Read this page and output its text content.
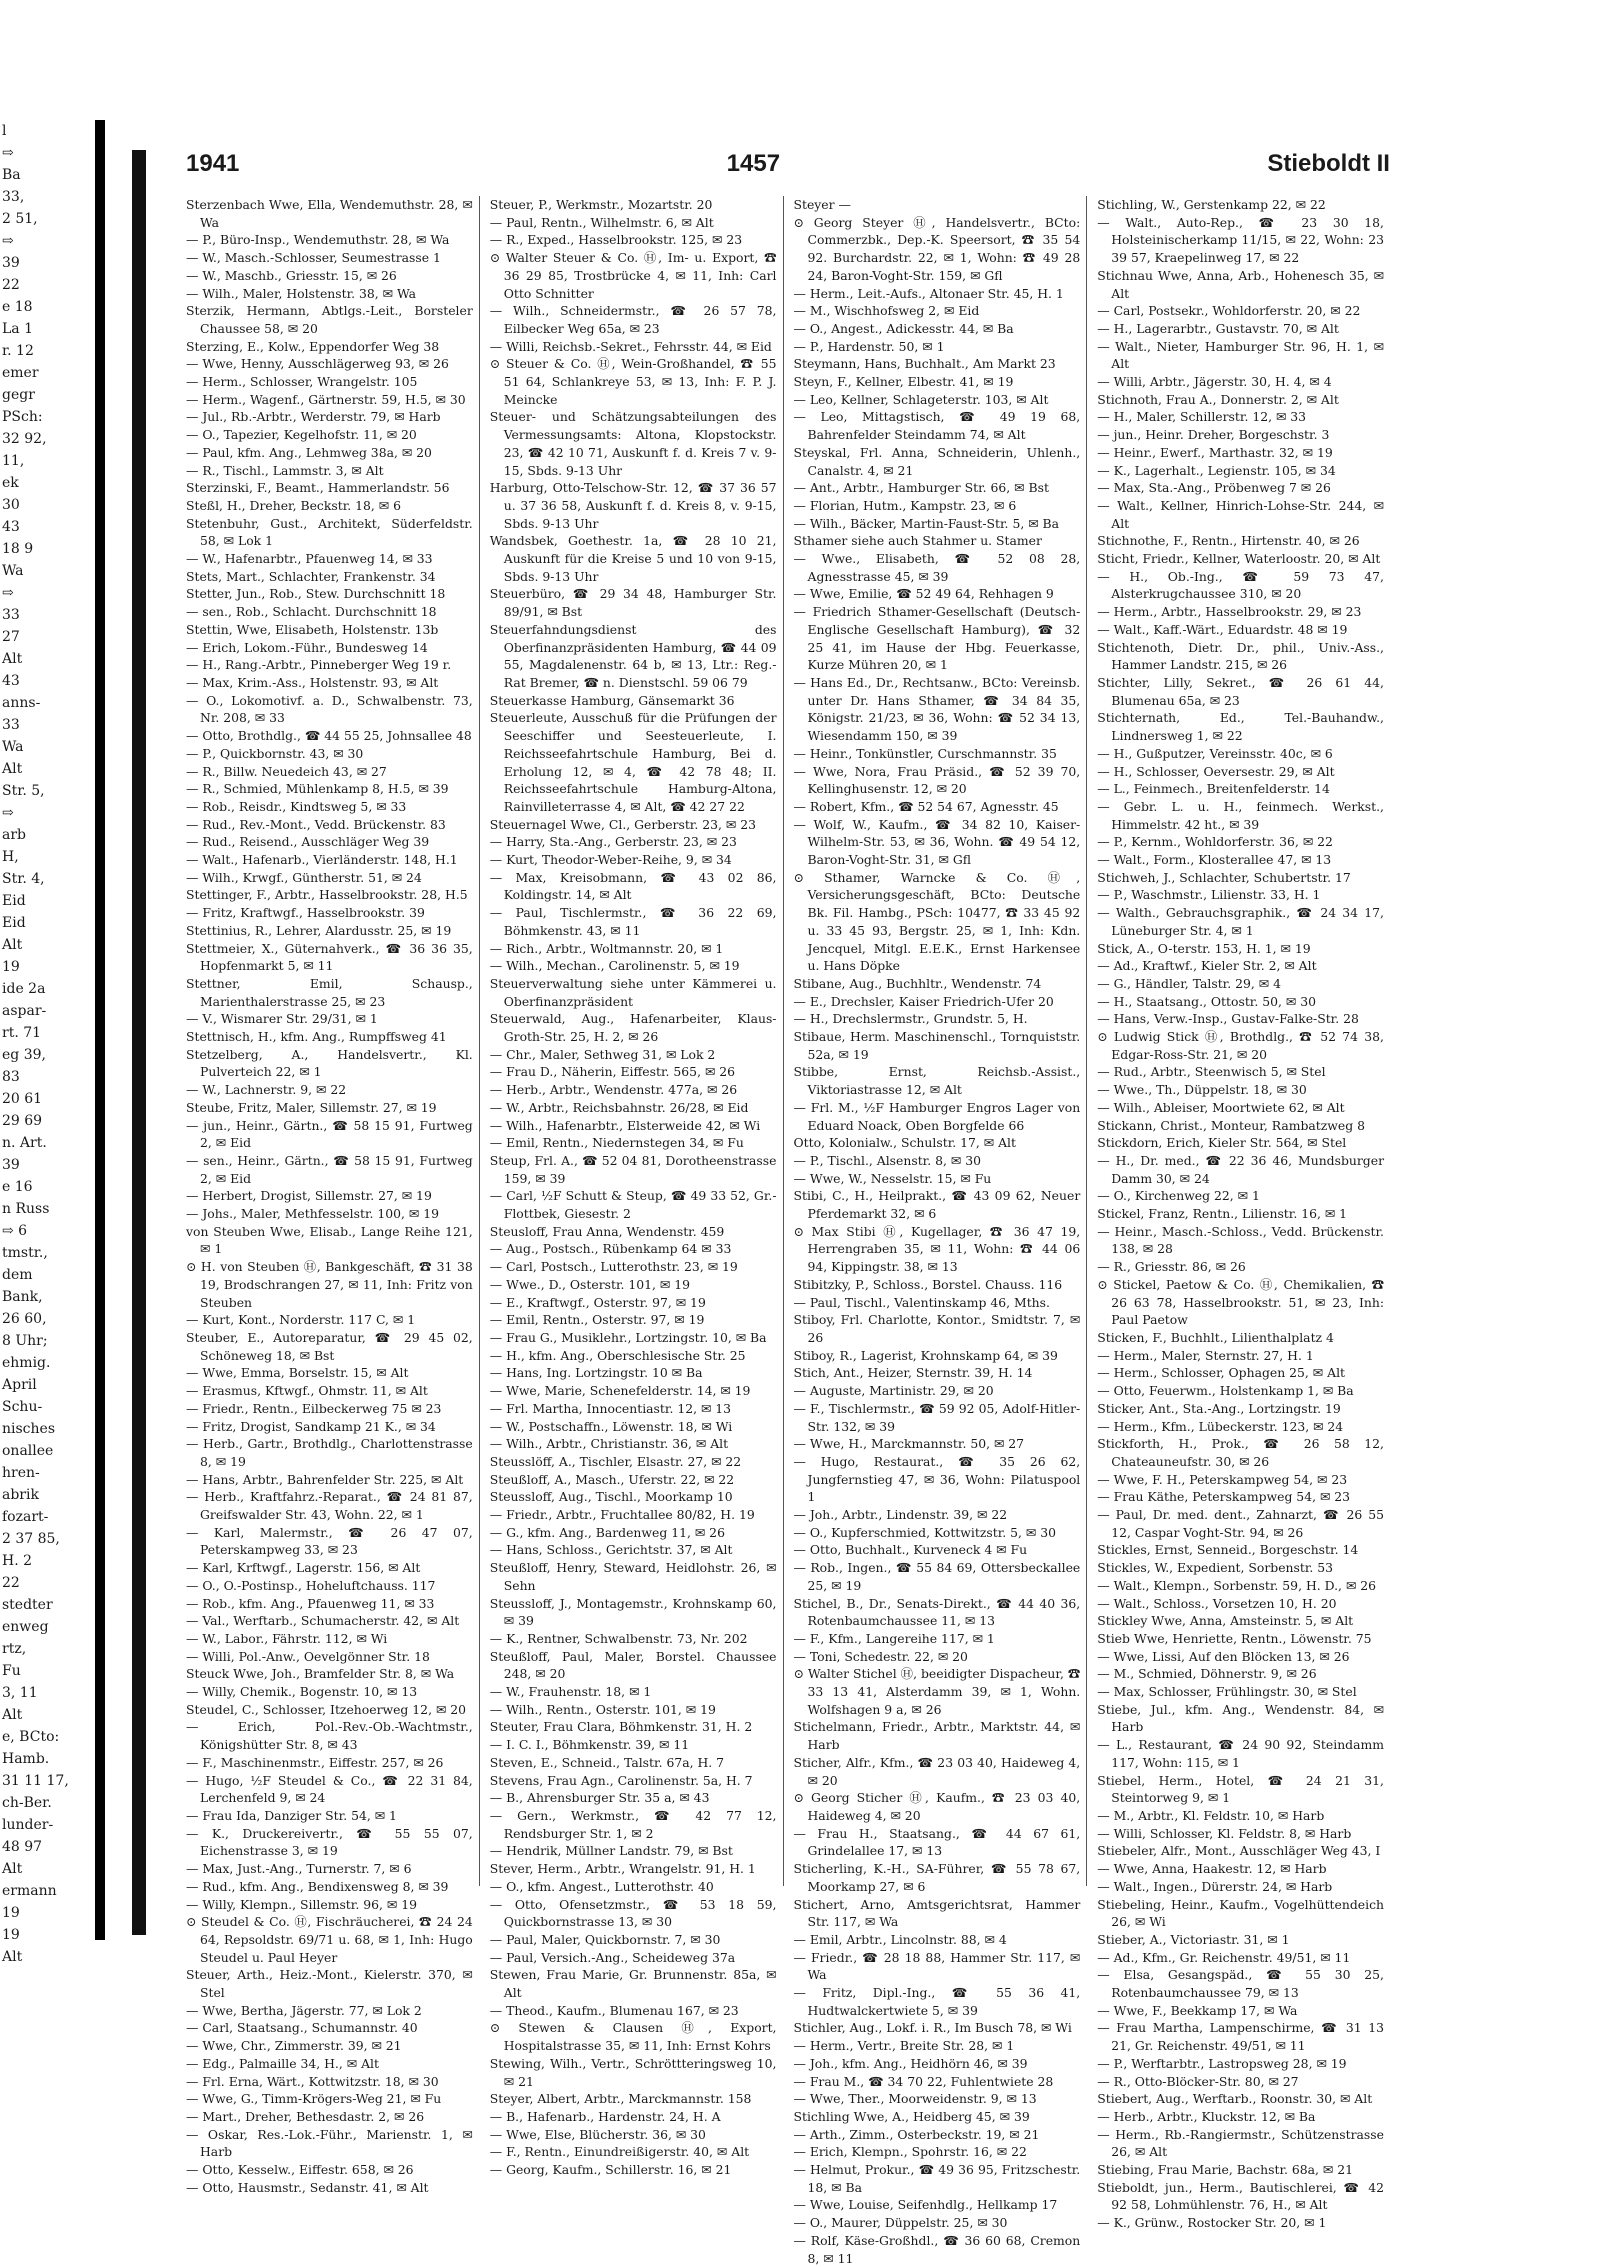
l
⇨
Ba
33,
2 51,
⇨
39
22
e 18
La 1
r. 12
emer
gegr
PSch:
32 92,
11,
ek
30
43
18 9
Wa
⇨
33
27
Alt
43
anns-
33
Wa
Alt
Str. 5,
⇨
arb
H,
Str. 4,
Eid
Eid
Alt
19
ide 2a
aspar-
rt. 71
eg 39,
83
20 61
29 69
n. Art.
39
e 16
n Russ
⇨ 6
tmstr.,
dem
Bank,
26 60,
8 Uhr;
ehmig.
April
Schu-
nisches
onallee
hren-
abrik
fozart-
2 37 85,
H. 2
22
stedter
enweg
rtz,
Fu
3, 11
Alt
e, BCto:
Hamb.
31 11 17,
ch-Ber.
lunder-
48 97
Alt
ermann
19
19
Alt
1941	1457	Stieboldt II
Sterzenbach Wwe, Ella, Wendemuthstr. 28, ✉ Wa
— P., Büro-Insp., Wendemuthstr. 28, ✉ Wa
— W., Masch.-Schlosser, Seumestrasse 1
— W., Maschb., Griesstr. 15, ✉ 26
— Wilh., Maler, Holstenstr. 38, ✉ Wa
Sterzik, Hermann, Abtlgs.-Leit., Borsteler Chaussee 58, ✉ 20
Sterzing, E., Kolw., Eppendorfer Weg 38
— Wwe, Henny, Ausschlägerweg 93, ✉ 26
— Herm., Schlosser, Wrangelstr. 105
— Herm., Wagenf., Gärtnerstr. 59, H.5, ✉ 30
— Jul., Rb.-Arbtr., Werderstr. 79, ✉ Harb
— O., Tapezier, Kegelhofstr. 11, ✉ 20
— Paul, kfm. Ang., Lehmweg 38a, ✉ 20
— R., Tischl., Lammstr. 3, ✉ Alt
Sterzinski, F., Beamt., Hammerlandstr. 56
Steßl, H., Dreher, Beckstr. 18, ✉ 6
Stetenbuhr, Gust., Architekt, Süderfeldstr. 58, ✉ Lok 1
— W., Hafenarbtr., Pfauenweg 14, ✉ 33
Stets, Mart., Schlachter, Frankenstr. 34
Stetter, Jun., Rob., Stew. Durchschnitt 18
— sen., Rob., Schlacht. Durchschnitt 18
Stettin, Wwe, Elisabeth, Holstenstr. 13b
— Erich, Lokom.-Führ., Bundesweg 14
— H., Rang.-Arbtr., Pinneberger Weg 19 r.
— Max, Krim.-Ass., Holstenstr. 93, ✉ Alt
— O., Lokomotivf. a. D., Schwalbenstr. 73, Nr. 208, ✉ 33
— Otto, Brothdlg., ☎ 44 55 25, Johnsallee 48
— P., Quickbornstr. 43, ✉ 30
— R., Billw. Neuedeich 43, ✉ 27
— R., Schmied, Mühlenkamp 8, H.5, ✉ 39
— Rob., Reisdr., Kindtsweg 5, ✉ 33
— Rud., Rev.-Mont., Vedd. Brückenstr. 83
— Rud., Reisend., Ausschläger Weg 39
— Walt., Hafenarb., Vierländerstr. 148, H.1
— Wilh., Krwgf., Güntherstr. 51, ✉ 24
Stettinger, F., Arbtr., Hasselbrookstr. 28, H.5
— Fritz, Kraftwgf., Hasselbrookstr. 39
Stettinius, R., Lehrer, Alardusstr. 25, ✉ 19
Stettmeier, X., Güternahverk., ☎ 36 36 35, Hopfenmarkt 5, ✉ 11
Stettner, Emil, Schausp., Marienthalerstrasse 25, ✉ 23
— V., Wismarer Str. 29/31, ✉ 1
Stettnisch, H., kfm. Ang., Rumpffsweg 41
Stetzelberg, A., Handelsvertr., Kl. Pulverteich 22, ✉ 1
— W., Lachnerstr. 9, ✉ 22
Steube, Fritz, Maler, Sillemstr. 27, ✉ 19
— jun., Heinr., Gärtn., ☎ 58 15 91, Furtweg 2, ✉ Eid
— sen., Heinr., Gärtn., ☎ 58 15 91, Furtweg 2, ✉ Eid
— Herbert, Drogist, Sillemstr. 27, ✉ 19
— Johs., Maler, Methfesselstr. 100, ✉ 19
von Steuben Wwe, Elisab., Lange Reihe 121, ✉ 1
⊙ H. von Steuben Ⓗ, Bankgeschäft, ☎ 31 38 19, Brodschrangen 27, ✉ 11, Inh: Fritz von Steuben
— Kurt, Kont., Norderstr. 117 C, ✉ 1
Steuber, E., Autoreparatur, ☎ 29 45 02, Schöneweg 18, ✉ Bst
— Wwe, Emma, Borselstr. 15, ✉ Alt
— Erasmus, Kftwgf., Ohmstr. 11, ✉ Alt
— Friedr., Rentn., Eilbeckerweg 75 ✉ 23
— Fritz, Drogist, Sandkamp 21 K., ✉ 34
— Herb., Gartr., Brothdlg., Charlottenstrasse 8, ✉ 19
— Hans, Arbtr., Bahrenfelder Str. 225, ✉ Alt
— Herb., Kraftfahrz.-Reparat., ☎ 24 81 87, Greifswalder Str. 43, Wohn. 22, ✉ 1
— Karl, Malermstr., ☎ 26 47 07, Peterskampweg 33, ✉ 23
— Karl, Krftwgf., Lagerstr. 156, ✉ Alt
— O., O.-Postinsp., Hoheluftchauss. 117
— Rob., kfm. Ang., Pfauenweg 11, ✉ 33
— Val., Werftarb., Schumacherstr. 42, ✉ Alt
— W., Labor., Fährstr. 112, ✉ Wi
— Willi, Pol.-Anw., Oevelgönner Str. 18
Steuck Wwe, Joh., Bramfelder Str. 8, ✉ Wa
— Willy, Chemik., Bogenstr. 10, ✉ 13
Steudel, C., Schlosser, Itzehoerweg 12, ✉ 20
— Erich, Pol.-Rev.-Ob.-Wachtmstr., Königshütter Str. 8, ✉ 43
— F., Maschinenmstr., Eiffestr. 257, ✉ 26
— Hugo, ½F Steudel & Co., ☎ 22 31 84, Lerchenfeld 9, ✉ 24
— Frau Ida, Danziger Str. 54, ✉ 1
— K., Druckereivertr., ☎ 55 55 07, Eichenstrasse 3, ✉ 19
— Max, Just.-Ang., Turnerstr. 7, ✉ 6
— Rud., kfm. Ang., Bendixensweg 8, ✉ 39
— Willy, Klempn., Sillemstr. 96, ✉ 19
⊙ Steudel & Co. Ⓗ, Fischräucherei, ☎ 24 24 64, Repsoldstr. 69/71 u. 68, ✉ 1, Inh: Hugo Steudel u. Paul Heyer
Steuer, Arth., Heiz.-Mont., Kielerstr. 370, ✉ Stel
— Wwe, Bertha, Jägerstr. 77, ✉ Lok 2
— Carl, Staatsang., Schumannstr. 40
— Wwe, Chr., Zimmerstr. 39, ✉ 21
— Edg., Palmaille 34, H., ✉ Alt
— Frl. Erna, Wärt., Kottwitzstr. 18, ✉ 30
— Wwe, G., Timm-Krögers-Weg 21, ✉ Fu
— Mart., Dreher, Bethesdastr. 2, ✉ 26
— Oskar, Res.-Lok.-Führ., Marienstr. 1, ✉ Harb
— Otto, Kesselw., Eiffestr. 658, ✉ 26
— Otto, Hausmstr., Sedanstr. 41, ✉ Alt
Steuer, P., Werkmstr., Mozartstr. 20
— Paul, Rentn., Wilhelmstr. 6, ✉ Alt
— R., Exped., Hasselbrookstr. 125, ✉ 23
⊙ Walter Steuer & Co. Ⓗ, Im- u. Export, ☎ 36 29 85, Trostbrücke 4, ✉ 11, Inh: Carl Otto Schnitter
— Wilh., Schneidermstr., ☎ 26 57 78, Eilbecker Weg 65a, ✉ 23
— Willi, Reichsb.-Sekret., Fehrsstr. 44, ✉ Eid
⊙ Steuer & Co. Ⓗ, Wein-Großhandel, ☎ 55 51 64, Schlankreye 53, ✉ 13, Inh: F. P. J. Meincke
Steuer- und Schätzungsabteilungen des Vermessungsamts: Altona, Klopstockstr. 23, ☎ 42 10 71, Auskunft f. d. Kreis 7 v. 9-15, Sbds. 9-13 Uhr
Harburg, Otto-Telschow-Str. 12, ☎ 37 36 57 u. 37 36 58, Auskunft f. d. Kreis 8, v. 9-15, Sbds. 9-13 Uhr
Wandsbek, Goethestr. 1a, ☎ 28 10 21, Auskunft für die Kreise 5 und 10 von 9-15, Sbds. 9-13 Uhr
Steuerbüro, ☎ 29 34 48, Hamburger Str. 89/91, ✉ Bst
Steuerfahndungsdienst des Oberfinanzpräsidenten Hamburg, ☎ 44 09 55, Magdalenenstr. 64 b, ✉ 13, Ltr.: Reg.-Rat Bremer, ☎ n. Dienstschl. 59 06 79
Steuerkasse Hamburg, Gänsemarkt 36
Steuerleute, Ausschuß für die Prüfungen der Seeschiffer und Seesteuerleute, I. Reichsseefahrtschule Hamburg, Bei d. Erholung 12, ✉ 4, ☎ 42 78 48; II. Reichsseefahrtschule Hamburg-Altona, Rainvilleterrasse 4, ✉ Alt, ☎ 42 27 22
Steuernagel Wwe, Cl., Gerberstr. 23, ✉ 23
— Harry, Sta.-Ang., Gerberstr. 23, ✉ 23
— Kurt, Theodor-Weber-Reihe, 9, ✉ 34
— Max, Kreisobmann, ☎ 43 02 86, Koldingstr. 14, ✉ Alt
— Paul, Tischlermstr., ☎ 36 22 69, Böhmkenstr. 43, ✉ 11
— Rich., Arbtr., Woltmannstr. 20, ✉ 1
— Wilh., Mechan., Carolinenstr. 5, ✉ 19
Steuerverwaltung siehe unter Kämmerei u. Oberfinanzpräsident
Steuerwald, Aug., Hafenarbeiter, Klaus-Groth-Str. 25, H. 2, ✉ 26
— Chr., Maler, Sethweg 31, ✉ Lok 2
— Frau D., Näherin, Eiffestr. 565, ✉ 26
— Herb., Arbtr., Wendenstr. 477a, ✉ 26
— W., Arbtr., Reichsbahnstr. 26/28, ✉ Eid
— Wilh., Hafenarbtr., Elsterweide 42, ✉ Wi
— Emil, Rentn., Niedernstegen 34, ✉ Fu
Steup, Frl. A., ☎ 52 04 81, Dorotheenstrasse 159, ✉ 39
— Carl, ½F Schutt & Steup, ☎ 49 33 52, Gr.-Flottbek, Giesestr. 2
Steusloff, Frau Anna, Wendenstr. 459
— Aug., Postsch., Rübenkamp 64 ✉ 33
— Carl, Postsch., Lutterothstr. 23, ✉ 19
— Wwe., D., Osterstr. 101, ✉ 19
— E., Kraftwgf., Osterstr. 97, ✉ 19
— Emil, Rentn., Osterstr. 97, ✉ 19
— Frau G., Musiklehr., Lortzingstr. 10, ✉ Ba
— H., kfm. Ang., Oberschlesische Str. 25
— Hans, Ing. Lortzingstr. 10 ✉ Ba
— Wwe, Marie, Schenefelderstr. 14, ✉ 19
— Frl. Martha, Innocentiastr. 12, ✉ 13
— W., Postschaffn., Löwenstr. 18, ✉ Wi
— Wilh., Arbtr., Christianstr. 36, ✉ Alt
Steusslöff, A., Tischler, Elsastr. 27, ✉ 22
Steußloff, A., Masch., Uferstr. 22, ✉ 22
Steussloff, Aug., Tischl., Moorkamp 10
— Friedr., Arbtr., Fruchtallee 80/82, H. 19
— G., kfm. Ang., Bardenweg 11, ✉ 26
— Hans, Schloss., Gerichtstr. 37, ✉ Alt
Steußloff, Henry, Steward, Heidlohstr. 26, ✉ Sehn
Steussloff, J., Montagemstr., Krohnskamp 60, ✉ 39
— K., Rentner, Schwalbenstr. 73, Nr. 202
Steußloff, Paul, Maler, Borstel. Chaussee 248, ✉ 20
— W., Frauhenstr. 18, ✉ 1
— Wilh., Rentn., Osterstr. 101, ✉ 19
Steuter, Frau Clara, Böhmkenstr. 31, H. 2
— I. C. I., Böhmkenstr. 39, ✉ 11
Steven, E., Schneid., Talstr. 67a, H. 7
Stevens, Frau Agn., Carolinenstr. 5a, H. 7
— B., Ahrensburger Str. 35 a, ✉ 43
— Gern., Werkmstr., ☎ 42 77 12, Rendsburger Str. 1, ✉ 2
— Hendrik, Müllner Landstr. 79, ✉ Bst
Stever, Herm., Arbtr., Wrangelstr. 91, H. 1
— O., kfm. Angest., Lutterothstr. 40
— Otto, Ofensetzmstr., ☎ 53 18 59, Quickbornstrasse 13, ✉ 30
— Paul, Maler, Quickbornstr. 7, ✉ 30
— Paul, Versich.-Ang., Scheideweg 37a
Stewen, Frau Marie, Gr. Brunnenstr. 85a, ✉ Alt
— Theod., Kaufm., Blumenau 167, ✉ 23
⊙ Stewen & Clausen Ⓗ, Export, Hospitalstrasse 35, ✉ 11, Inh: Ernst Kohrs
Stewing, Wilh., Vertr., Schröttteringsweg 10, ✉ 21
Steyer, Albert, Arbtr., Marckmannstr. 158
— B., Hafenarb., Hardenstr. 24, H. A
— Wwe, Else, Blücherstr. 36, ✉ 30
— F., Rentn., Einundreißigerstr. 40, ✉ Alt
— Georg, Kaufm., Schillerstr. 16, ✉ 21
Steyer —
⊙ Georg Steyer Ⓗ, Handelsvertr., BCto: Commerzbk., Dep.-K. Speersort, ☎ 35 54 92. Burchardstr. 22, ✉ 1, Wohn: ☎ 49 28 24, Baron-Voght-Str. 159, ✉ Gfl
— Herm., Leit.-Aufs., Altonaer Str. 45, H. 1
— M., Wischhofsweg 2, ✉ Eid
— O., Angest., Adickesstr. 44, ✉ Ba
— P., Hardenstr. 50, ✉ 1
Steymann, Hans, Buchhalt., Am Markt 23
Steyn, F., Kellner, Elbestr. 41, ✉ 19
— Leo, Kellner, Schlageterstr. 103, ✉ Alt
— Leo, Mittagstisch, ☎ 49 19 68, Bahrenfelder Steindamm 74, ✉ Alt
Steyskal, Frl. Anna, Schneiderin, Uhlenh., Canalstr. 4, ✉ 21
— Ant., Arbtr., Hamburger Str. 66, ✉ Bst
— Florian, Hutm., Kampstr. 23, ✉ 6
— Wilh., Bäcker, Martin-Faust-Str. 5, ✉ Ba
Sthamer siehe auch Stahmer u. Stamer
— Wwe., Elisabeth, ☎ 52 08 28, Agnesstrasse 45, ✉ 39
— Wwe, Emilie, ☎ 52 49 64, Rehhagen 9
— Friedrich Sthamer-Gesellschaft (Deutsch-Englische Gesellschaft Hamburg), ☎ 32 25 41, im Hause der Hbg. Feuerkasse, Kurze Mühren 20, ✉ 1
— Hans Ed., Dr., Rechtsanw., BCto: Vereinsb. unter Dr. Hans Sthamer, ☎ 34 84 35, Königstr. 21/23, ✉ 36, Wohn: ☎ 52 34 13, Wiesendamm 150, ✉ 39
— Heinr., Tonkünstler, Curschmannstr. 35
— Wwe, Nora, Frau Präsid., ☎ 52 39 70, Kellinghusenstr. 12, ✉ 20
— Robert, Kfm., ☎ 52 54 67, Agnesstr. 45
— Wolf, W., Kaufm., ☎ 34 82 10, Kaiser-Wilhelm-Str. 53, ✉ 36, Wohn. ☎ 49 54 12, Baron-Voght-Str. 31, ✉ Gfl
⊙ Sthamer, Warncke & Co. Ⓗ, Versicherungsgeschäft, BCto: Deutsche Bk. Fil. Hambg., PSch: 10477, ☎ 33 45 92 u. 33 45 93, Bergstr. 25, ✉ 1, Inh: Kdn. Jencquel, Mitgl. E.E.K., Ernst Harkensee u. Hans Döpke
Stibane, Aug., Buchhltr., Wendenstr. 74
— E., Drechsler, Kaiser Friedrich-Ufer 20
— H., Drechslermstr., Grundstr. 5, H.
Stibaue, Herm. Maschinenschl., Tornquiststr. 52a, ✉ 19
Stibbe, Ernst, Reichsb.-Assist., Viktoriastrasse 12, ✉ Alt
— Frl. M., ½F Hamburger Engros Lager von Eduard Noack, Oben Borgfelde 66
Otto, Kolonialw., Schulstr. 17, ✉ Alt
— P., Tischl., Alsenstr. 8, ✉ 30
— Wwe, W., Nesselstr. 15, ✉ Fu
Stibi, C., H., Heilprakt., ☎ 43 09 62, Neuer Pferdemarkt 32, ✉ 6
⊙ Max Stibi Ⓗ, Kugellager, ☎ 36 47 19, Herrengraben 35, ✉ 11, Wohn: ☎ 44 06 94, Kippingstr. 38, ✉ 13
Stibitzky, P., Schloss., Borstel. Chauss. 116
— Paul, Tischl., Valentinskamp 46, Mths.
Stiboy, Frl. Charlotte, Kontor., Smidtstr. 7, ✉ 26
Stiboy, R., Lagerist, Krohnskamp 64, ✉ 39
Stich, Ant., Heizer, Sternstr. 39, H. 14
— Auguste, Martinistr. 29, ✉ 20
— F., Tischlermstr., ☎ 59 92 05, Adolf-Hitler-Str. 132, ✉ 39
— Wwe, H., Marckmannstr. 50, ✉ 27
— Hugo, Restaurat., ☎ 35 26 62, Jungfernstieg 47, ✉ 36, Wohn: Pilatuspool 1
— Joh., Arbtr., Lindenstr. 39, ✉ 22
— O., Kupferschmied, Kottwitzstr. 5, ✉ 30
— Otto, Buchhalt., Kurveneck 4 ✉ Fu
— Rob., Ingen., ☎ 55 84 69, Ottersbeckallee 25, ✉ 19
Stichel, B., Dr., Senats-Direkt., ☎ 44 40 36, Rotenbaumchaussee 11, ✉ 13
— F., Kfm., Langereihe 117, ✉ 1
— Toni, Schedestr. 22, ✉ 20
⊙ Walter Stichel Ⓗ, beeidigter Dispacheur, ☎ 33 13 41, Alsterdamm 39, ✉ 1, Wohn. Wolfshagen 9 a, ✉ 26
Stichelmann, Friedr., Arbtr., Marktstr. 44, ✉ Harb
Sticher, Alfr., Kfm., ☎ 23 03 40, Haideweg 4, ✉ 20
⊙ Georg Sticher Ⓗ, Kaufm., ☎ 23 03 40, Haideweg 4, ✉ 20
— Frau H., Staatsang., ☎ 44 67 61, Grindelallee 17, ✉ 13
Sticherling, K.-H., SA-Führer, ☎ 55 78 67, Moorkamp 27, ✉ 6
Stichert, Arno, Amtsgerichtsrat, Hammer Str. 117, ✉ Wa
— Emil, Arbtr., Lincolnstr. 88, ✉ 4
— Friedr., ☎ 28 18 88, Hammer Str. 117, ✉ Wa
— Fritz, Dipl.-Ing., ☎ 55 36 41, Hudtwalckertwiete 5, ✉ 39
Stichler, Aug., Lokf. i. R., Im Busch 78, ✉ Wi
— Herm., Vertr., Breite Str. 28, ✉ 1
— Joh., kfm. Ang., Heidhörn 46, ✉ 39
— Frau M., ☎ 34 70 22, Fuhlentwiete 28
— Wwe, Ther., Moorweidenstr. 9, ✉ 13
Stichling Wwe, A., Heidberg 45, ✉ 39
— Arth., Zimm., Osterbeckstr. 19, ✉ 21
— Erich, Klempn., Spohrstr. 16, ✉ 22
— Helmut, Prokur., ☎ 49 36 95, Fritzschestr. 18, ✉ Ba
— Wwe, Louise, Seifenhdlg., Hellkamp 17
— O., Maurer, Düppelstr. 25, ✉ 30
— Rolf, Käse-Großhdl., ☎ 36 60 68, Cremon 8, ✉ 11
Stichling, W., Gerstenkamp 22, ✉ 22
— Walt., Auto-Rep., ☎ 23 30 18, Holsteinischerkamp 11/15, ✉ 22, Wohn: 23 39 57, Kraepelinweg 17, ✉ 22
Stichnau Wwe, Anna, Arb., Hohenesch 35, ✉ Alt
— Carl, Postsekr., Wohldorferstr. 20, ✉ 22
— H., Lagerarbtr., Gustavstr. 70, ✉ Alt
— Walt., Nieter, Hamburger Str. 96, H. 1, ✉ Alt
— Willi, Arbtr., Jägerstr. 30, H. 4, ✉ 4
Stichnoth, Frau A., Donnerstr. 2, ✉ Alt
— H., Maler, Schillerstr. 12, ✉ 33
— jun., Heinr. Dreher, Borgeschstr. 3
— Heinr., Ewerf., Marthastr. 32, ✉ 19
— K., Lagerhalt., Legienstr. 105, ✉ 34
— Max, Sta.-Ang., Pröbenweg 7 ✉ 26
— Walt., Kellner, Hinrich-Lohse-Str. 244, ✉ Alt
Stichnothe, F., Rentn., Hirtenstr. 40, ✉ 26
Sticht, Friedr., Kellner, Waterloostr. 20, ✉ Alt
— H., Ob.-Ing., ☎ 59 73 47, Alsterkrugchaussee 310, ✉ 20
— Herm., Arbtr., Hasselbrookstr. 29, ✉ 23
— Walt., Kaff.-Wärt., Eduardstr. 48 ✉ 19
Stichtenoth, Dietr. Dr., phil., Univ.-Ass., Hammer Landstr. 215, ✉ 26
Stichter, Lilly, Sekret., ☎ 26 61 44, Blumenau 65a, ✉ 23
Stichternath, Ed., Tel.-Bauhandw., Lindnersweg 1, ✉ 22
— H., Gußputzer, Vereinsstr. 40c, ✉ 6
— H., Schlosser, Oeversestr. 29, ✉ Alt
— L., Feinmech., Breitenfelderstr. 14
— Gebr. L. u. H., feinmech. Werkst., Himmelstr. 42 ht., ✉ 39
— P., Kernm., Wohldorferstr. 36, ✉ 22
— Walt., Form., Klosterallee 47, ✉ 13
Stichweh, J., Schlachter, Schubertstr. 17
— P., Waschmstr., Lilienstr. 33, H. 1
— Walth., Gebrauchsgraphik., ☎ 24 34 17, Lüneburger Str. 4, ✉ 1
Stick, A., O-terstr. 153, H. 1, ✉ 19
— Ad., Kraftwf., Kieler Str. 2, ✉ Alt
— G., Händler, Talstr. 29, ✉ 4
— H., Staatsang., Ottostr. 50, ✉ 30
— Hans, Verw.-Insp., Gustav-Falke-Str. 28
⊙ Ludwig Stick Ⓗ, Brothdlg., ☎ 52 74 38, Edgar-Ross-Str. 21, ✉ 20
— Rud., Arbtr., Steenwisch 5, ✉ Stel
— Wwe., Th., Düppelstr. 18, ✉ 30
— Wilh., Ableiser, Moortwiete 62, ✉ Alt
Stickann, Christ., Monteur, Rambatzweg 8
Stickdorn, Erich, Kieler Str. 564, ✉ Stel
— H., Dr. med., ☎ 22 36 46, Mundsburger Damm 30, ✉ 24
— O., Kirchenweg 22, ✉ 1
Stickel, Franz, Rentn., Lilienstr. 16, ✉ 1
— Heinr., Masch.-Schloss., Vedd. Brückenstr. 138, ✉ 28
— R., Griesstr. 86, ✉ 26
⊙ Stickel, Paetow & Co. Ⓗ, Chemikalien, ☎ 26 63 78, Hasselbrookstr. 51, ✉ 23, Inh: Paul Paetow
Sticken, F., Buchhlt., Lilienthalplatz 4
— Herm., Maler, Sternstr. 27, H. 1
— Herm., Schlosser, Ophagen 25, ✉ Alt
— Otto, Feuerwm., Holstenkamp 1, ✉ Ba
Sticker, Ant., Sta.-Ang., Lortzingstr. 19
— Herm., Kfm., Lübeckerstr. 123, ✉ 24
Stickforth, H., Prok., ☎ 26 58 12, Chateauneufstr. 30, ✉ 26
— Wwe, F. H., Peterskampweg 54, ✉ 23
— Frau Käthe, Peterskampweg 54, ✉ 23
— Paul, Dr. med. dent., Zahnarzt, ☎ 26 55 12, Caspar Voght-Str. 94, ✉ 26
Stickles, Ernst, Senneid., Borgeschstr. 14
Stickles, W., Expedient, Sorbenstr. 53
— Walt., Klempn., Sorbenstr. 59, H. D., ✉ 26
— Walt., Schloss., Vorsetzen 10, H. 20
Stickley Wwe, Anna, Amsteinstr. 5, ✉ Alt
Stieb Wwe, Henriette, Rentn., Löwenstr. 75
— Wwe, Lissi, Auf den Blöcken 13, ✉ 26
— M., Schmied, Döhnerstr. 9, ✉ 26
— Max, Schlosser, Frühlingstr. 30, ✉ Stel
Stiebe, Jul., kfm. Ang., Wendenstr. 84, ✉ Harb
— L., Restaurant, ☎ 24 90 92, Steindamm 117, Wohn: 115, ✉ 1
Stiebel, Herm., Hotel, ☎ 24 21 31, Steintorweg 9, ✉ 1
— M., Arbtr., Kl. Feldstr. 10, ✉ Harb
— Willi, Schlosser, Kl. Feldstr. 8, ✉ Harb
Stiebeler, Alfr., Mont., Ausschläger Weg 43, I
— Wwe, Anna, Haakestr. 12, ✉ Harb
— Walt., Ingen., Dürerstr. 24, ✉ Harb
Stiebeling, Heinr., Kaufm., Vogelhüttendeich 26, ✉ Wi
Stieber, A., Victoriastr. 31, ✉ 1
— Ad., Kfm., Gr. Reichenstr. 49/51, ✉ 11
— Elsa, Gesangspäd., ☎ 55 30 25, Rotenbaumchaussee 79, ✉ 13
— Wwe, F., Beekkamp 17, ✉ Wa
— Frau Martha, Lampenschirme, ☎ 31 13 21, Gr. Reichenstr. 49/51, ✉ 11
— P., Werftarbtr., Lastropsweg 28, ✉ 19
— R., Otto-Blöcker-Str. 80, ✉ 27
Stiebert, Aug., Werftarb., Roonstr. 30, ✉ Alt
— Herb., Arbtr., Kluckstr. 12, ✉ Ba
— Herm., Rb.-Rangiermstr., Schützenstrasse 26, ✉ Alt
Stiebing, Frau Marie, Bachstr. 68a, ✉ 21
Stieboldt, jun., Herm., Bautischlerei, ☎ 42 92 58, Lohmühlenstr. 76, H., ✉ Alt
— K., Grünw., Rostocker Str. 20, ✉ 1
